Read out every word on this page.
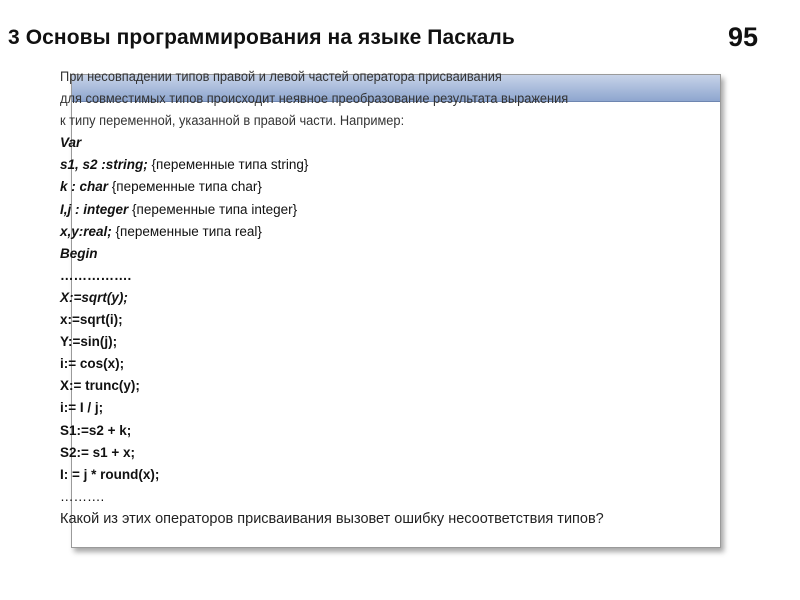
3 Основы программирования на языке Паскаль	95
При несовпадении типов правой и левой частей оператора присваивания
для совместимых типов происходит неявное преобразование результата выражения
к типу переменной, указанной в правой части. Например:
Var
s1, s2 :string; {переменные типа string}
k : char {переменные типа char}
I,j : integer {переменные типа integer}
x,y:real; {переменные типа real}
Begin
…………….
X:=sqrt(y);
x:=sqrt(i);
Y:=sin(j);
i:= cos(x);
X:= trunc(y);
i:= I / j;
S1:=s2 + k;
S2:= s1 + x;
I: = j * round(x);
……….
Какой из этих операторов присваивания вызовет ошибку несоответствия типов?
